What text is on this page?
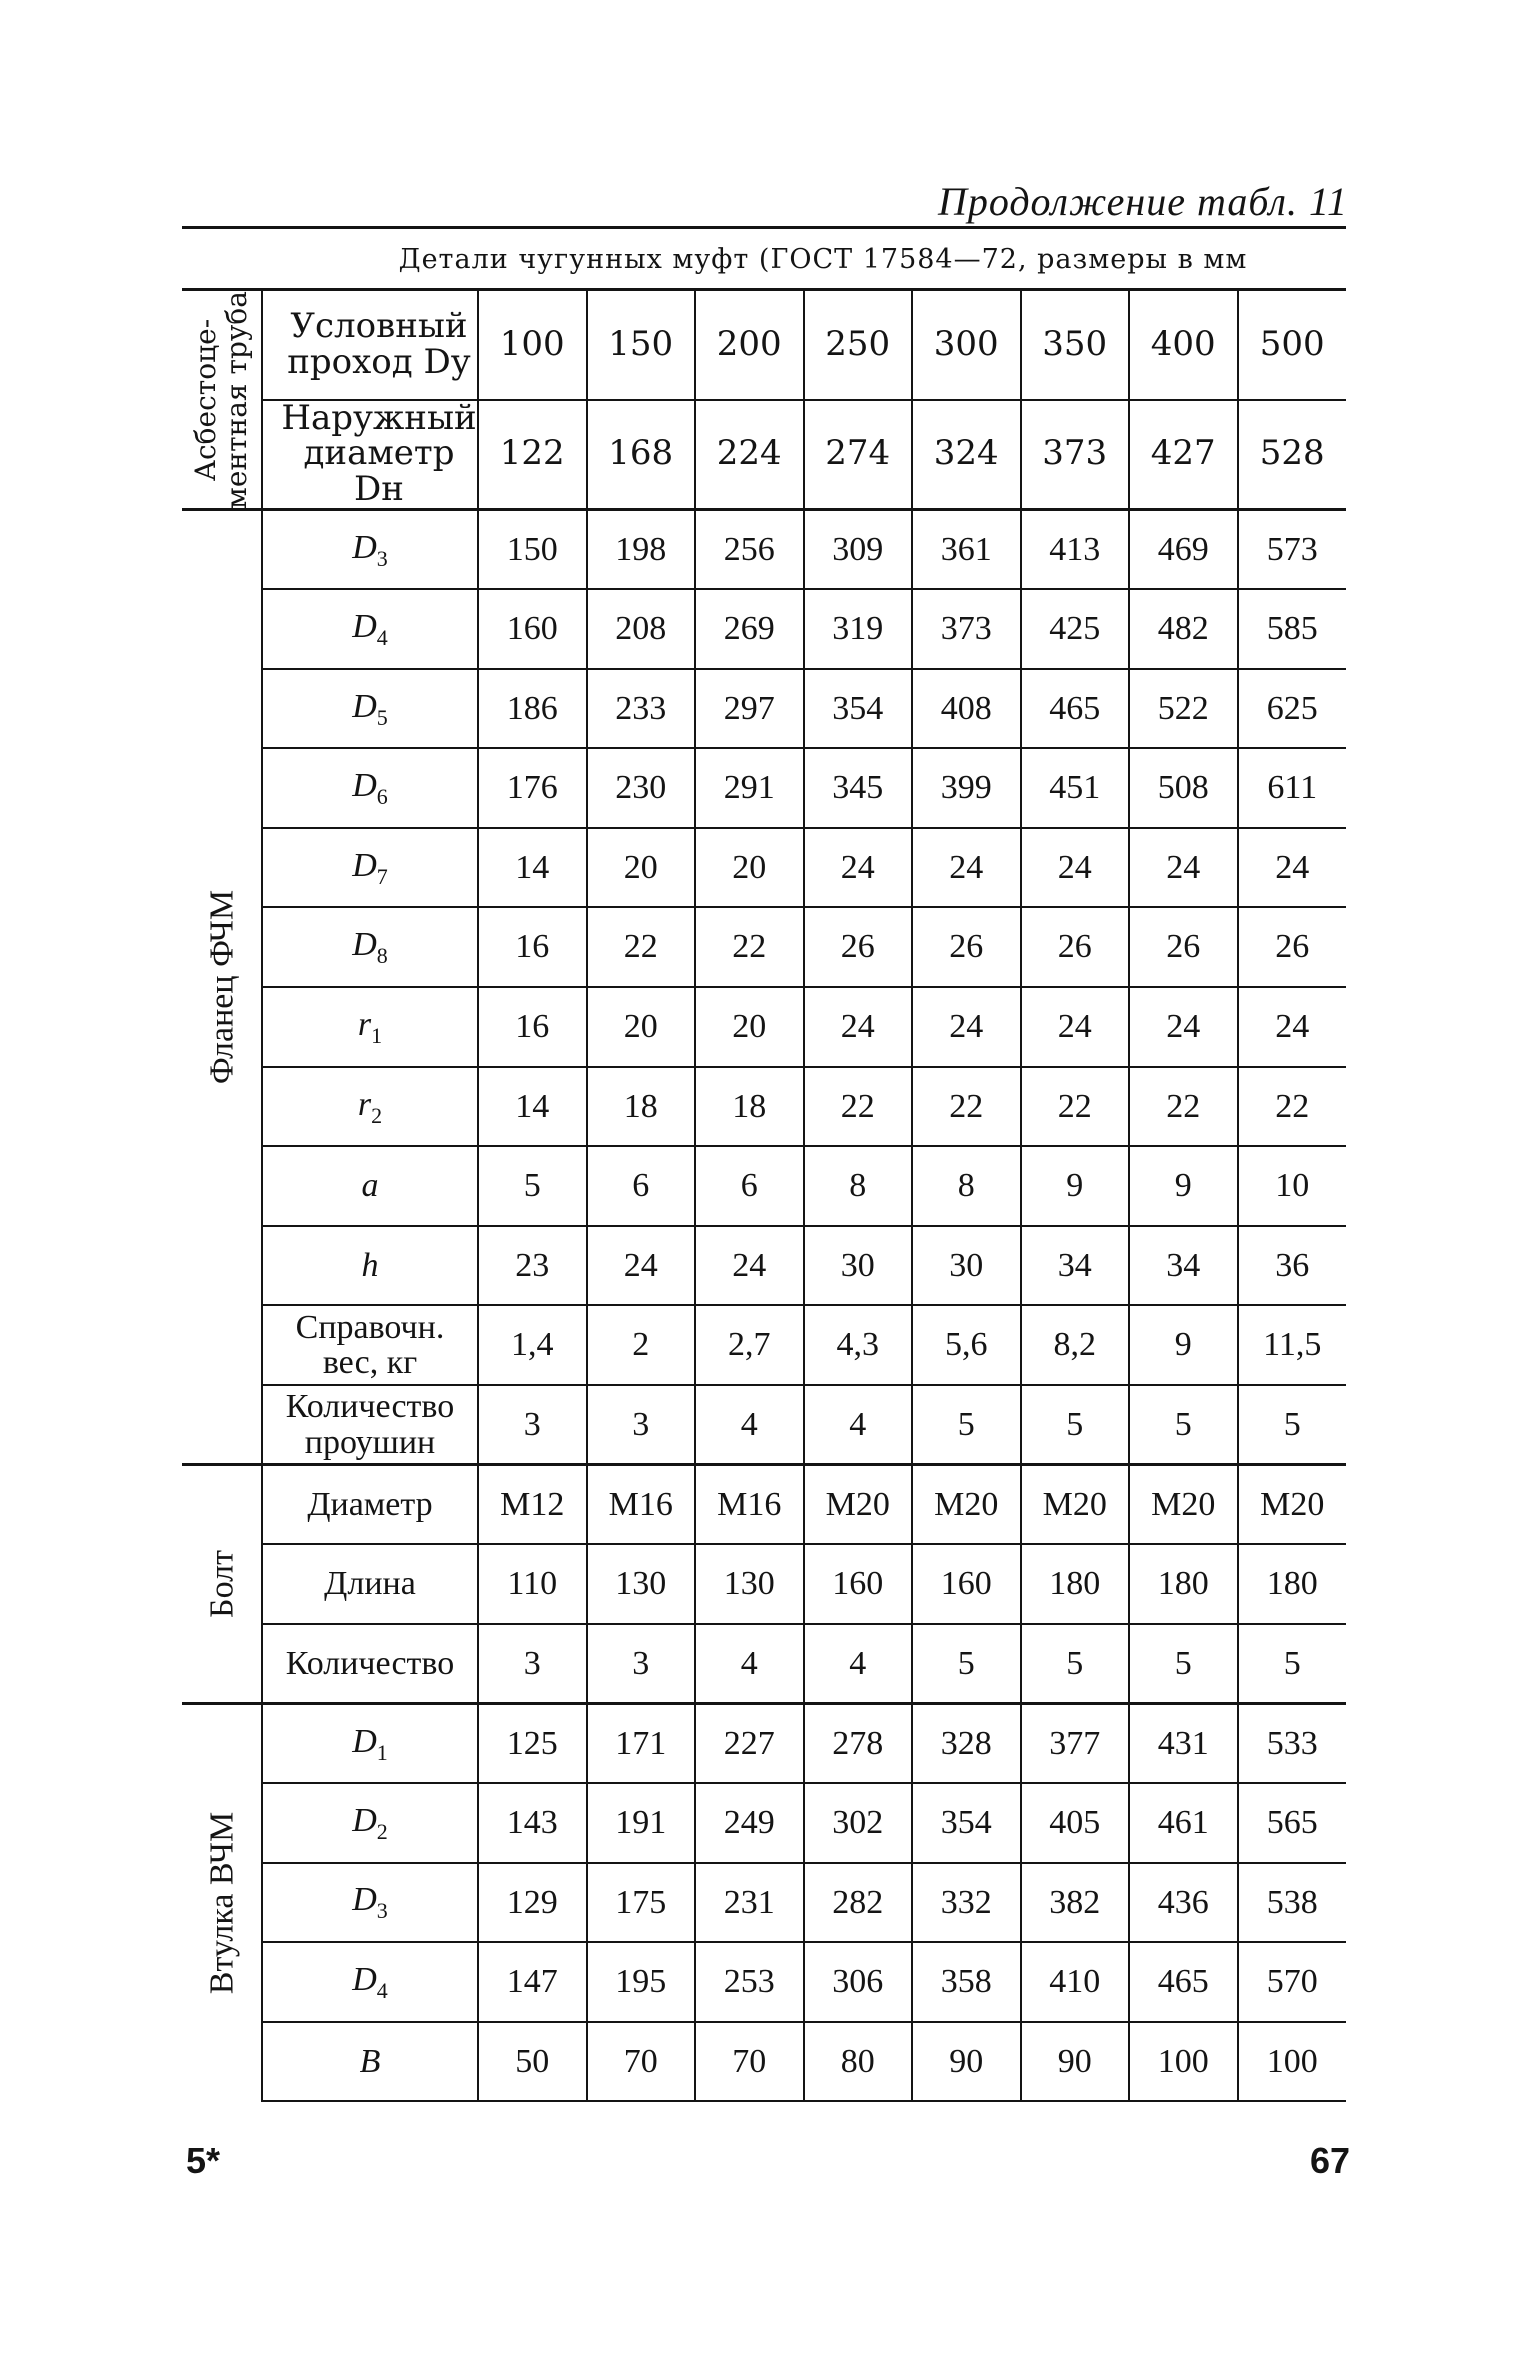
Продолжение табл. 11
Детали чугунных муфт (ГОСТ 17584—72, размеры в мм
Асбестоце-
ментная труба	Условный
проход Dу	100	150	200	250	300	350	400	500
	Наружный
диаметр Dн	122	168	224	274	324	373	427	528

Фланец ФЧМ	$D_3$	150	198	256	309	361	413	469	573
	$D_4$	160	208	269	319	373	425	482	585
	$D_5$	186	233	297	354	408	465	522	625
	$D_6$	176	230	291	345	399	451	508	611
	$D_7$	14	20	20	24	24	24	24	24
	$D_8$	16	22	22	26	26	26	26	26
	$r_1$	16	20	20	24	24	24	24	24
	$r_2$	14	18	18	22	22	22	22	22
	a	5	6	6	8	8	9	9	10
	h	23	24	24	30	30	34	34	36
	Справочн.
вес, кг	1,4	2	2,7	4,3	5,6	8,2	9	11,5
	Количество
проушин	3	3	4	4	5	5	5	5

Болт	Диаметр	M12	M16	M16	M20	M20	M20	M20	M20
	Длина	110	130	130	160	160	180	180	180
	Количество	3	3	4	4	5	5	5	5

Втулка ВЧМ	$D_1$	125	171	227	278	328	377	431	533
	$D_2$	143	191	249	302	354	405	461	565
	$D_3$	129	175	231	282	332	382	436	538
	$D_4$	147	195	253	306	358	410	465	570
	B	50	70	70	80	90	90	100	100
5*	67
